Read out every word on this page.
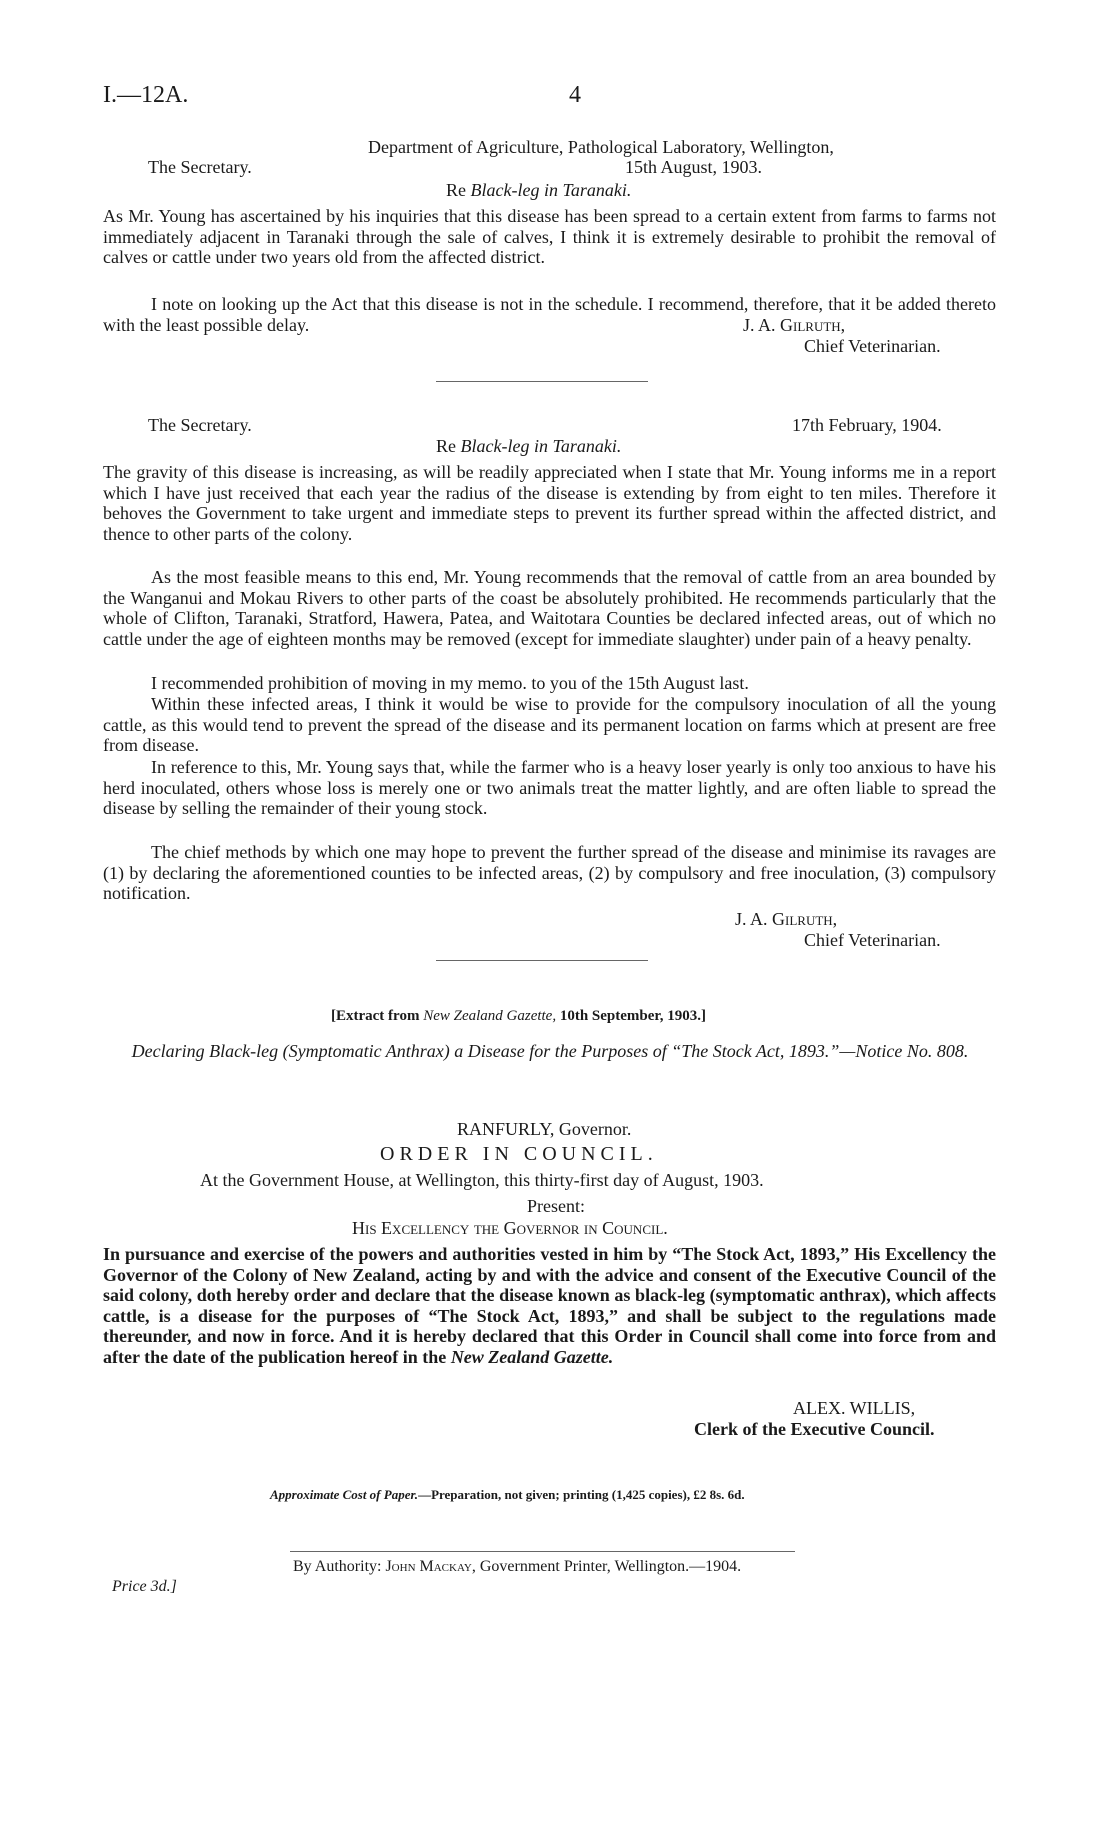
I.—12A.	4
Department of Agriculture, Pathological Laboratory, Wellington,
The Secretary.	15th August, 1903.
Re Black-leg in Taranaki.
As Mr. Young has ascertained by his inquiries that this disease has been spread to a certain extent from farms to farms not immediately adjacent in Taranaki through the sale of calves, I think it is extremely desirable to prohibit the removal of calves or cattle under two years old from the affected district.
I note on looking up the Act that this disease is not in the schedule. I recommend, therefore, that it be added thereto with the least possible delay.	J. A. Gilruth,
Chief Veterinarian.
The Secretary.	17th February, 1904.
Re Black-leg in Taranaki.
The gravity of this disease is increasing, as will be readily appreciated when I state that Mr. Young informs me in a report which I have just received that each year the radius of the disease is extending by from eight to ten miles. Therefore it behoves the Government to take urgent and immediate steps to prevent its further spread within the affected district, and thence to other parts of the colony.
As the most feasible means to this end, Mr. Young recommends that the removal of cattle from an area bounded by the Wanganui and Mokau Rivers to other parts of the coast be absolutely prohibited. He recommends particularly that the whole of Clifton, Taranaki, Stratford, Hawera, Patea, and Waitotara Counties be declared infected areas, out of which no cattle under the age of eighteen months may be removed (except for immediate slaughter) under pain of a heavy penalty.
I recommended prohibition of moving in my memo. to you of the 15th August last.
Within these infected areas, I think it would be wise to provide for the compulsory inoculation of all the young cattle, as this would tend to prevent the spread of the disease and its permanent location on farms which at present are free from disease.
In reference to this, Mr. Young says that, while the farmer who is a heavy loser yearly is only too anxious to have his herd inoculated, others whose loss is merely one or two animals treat the matter lightly, and are often liable to spread the disease by selling the remainder of their young stock.
The chief methods by which one may hope to prevent the further spread of the disease and minimise its ravages are (1) by declaring the aforementioned counties to be infected areas, (2) by compulsory and free inoculation, (3) compulsory notification.
J. A. Gilruth,
Chief Veterinarian.
[Extract from New Zealand Gazette, 10th September, 1903.]
Declaring Black-leg (Symptomatic Anthrax) a Disease for the Purposes of “The Stock Act, 1893.”—Notice No. 808.
RANFURLY, Governor.
ORDER IN COUNCIL.
At the Government House, at Wellington, this thirty-first day of August, 1903.
Present:
His Excellency the Governor in Council.
In pursuance and exercise of the powers and authorities vested in him by “The Stock Act, 1893,” His Excellency the Governor of the Colony of New Zealand, acting by and with the advice and consent of the Executive Council of the said colony, doth hereby order and declare that the disease known as black-leg (symptomatic anthrax), which affects cattle, is a disease for the purposes of “The Stock Act, 1893,” and shall be subject to the regulations made thereunder, and now in force. And it is hereby declared that this Order in Council shall come into force from and after the date of the publication hereof in the New Zealand Gazette.
ALEX. WILLIS,
Clerk of the Executive Council.
Approximate Cost of Paper.—Preparation, not given; printing (1,425 copies), £2 8s. 6d.
By Authority: John Mackay, Government Printer, Wellington.—1904.
Price 3d.]
